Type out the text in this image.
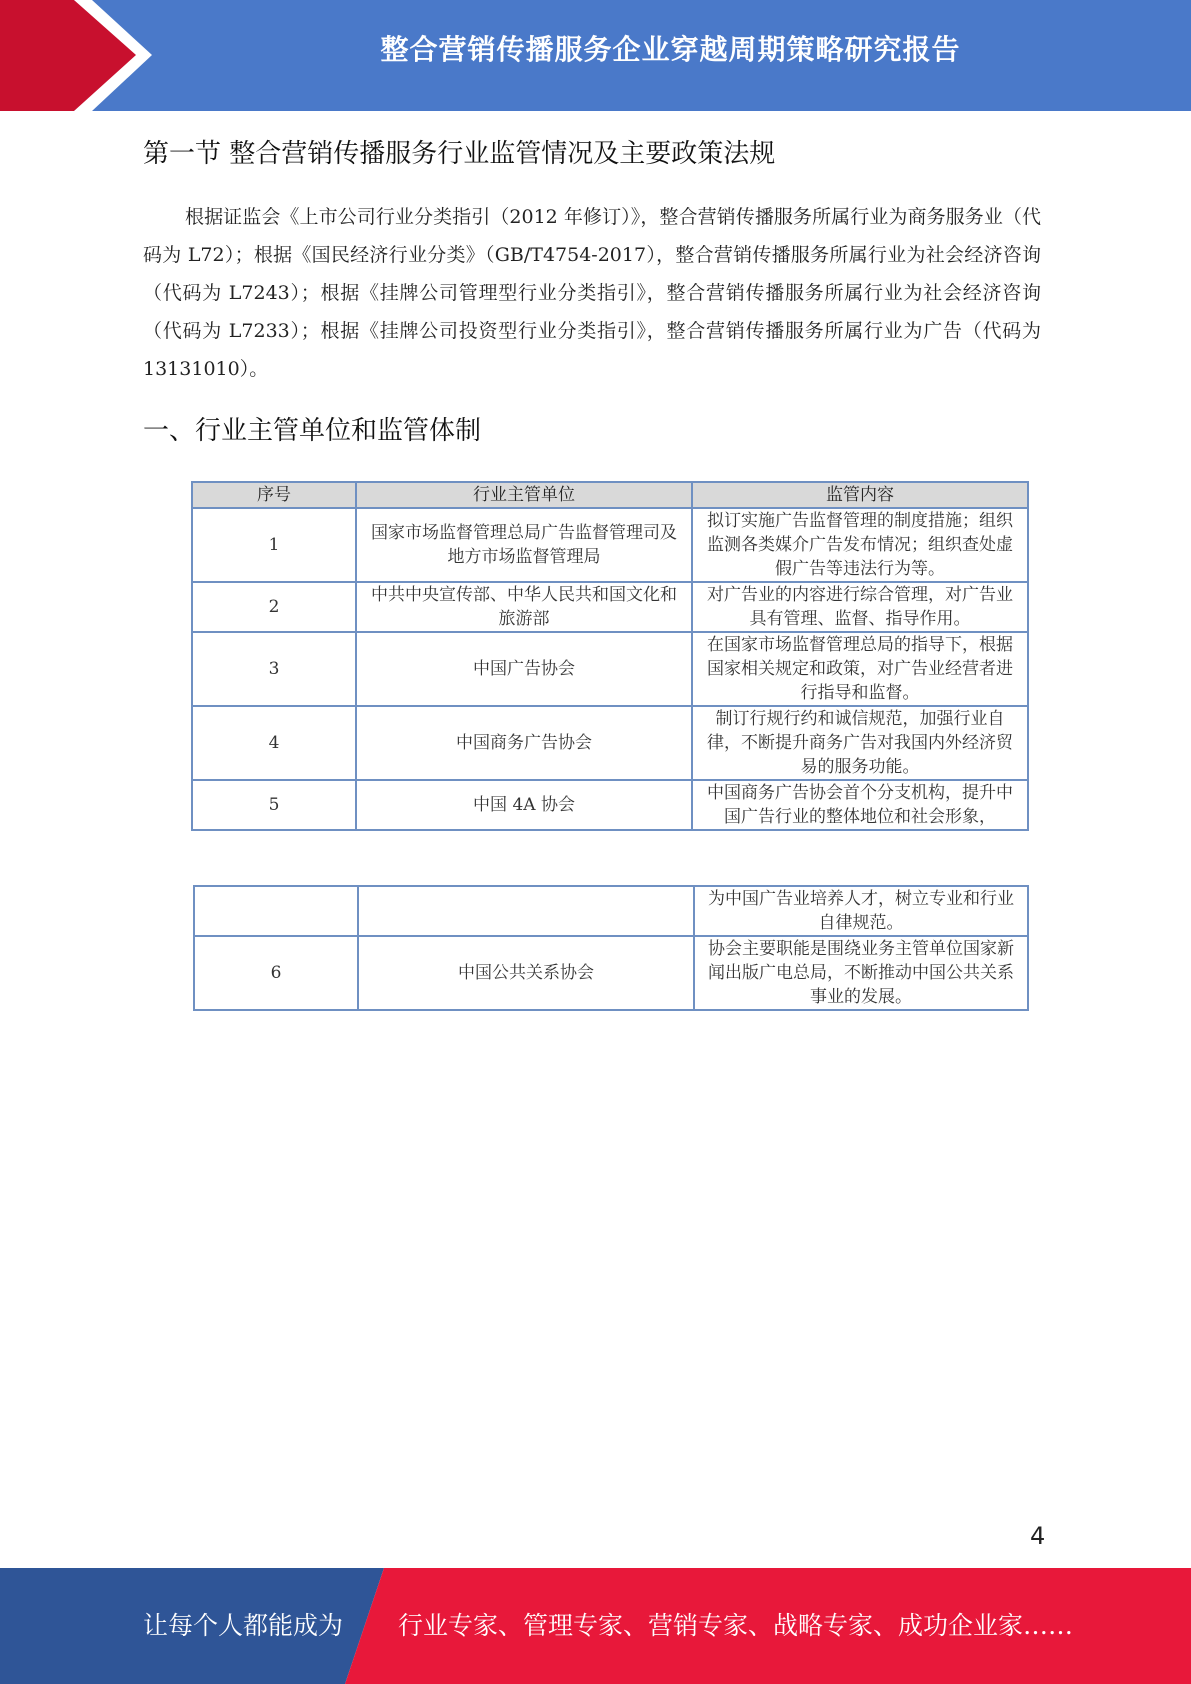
整合营销传播服务企业穿越周期策略研究报告
第一节 整合营销传播服务行业监管情况及主要政策法规
根据证监会《上市公司行业分类指引（2012 年修订）》，整合营销传播服务所属行业为商务服务业（代码为 L72）；根据《国民经济行业分类》（GB/T4754-2017），整合营销传播服务所属行业为社会经济咨询（代码为 L7243）；根据《挂牌公司管理型行业分类指引》，整合营销传播服务所属行业为社会经济咨询（代码为 L7233）；根据《挂牌公司投资型行业分类指引》，整合营销传播服务所属行业为广告（代码为 13131010）。
一、行业主管单位和监管体制
序号	行业主管单位	监管内容
1	国家市场监督管理总局广告监督管理司及地方市场监督管理局	拟订实施广告监督管理的制度措施；组织监测各类媒介广告发布情况；组织查处虚假广告等违法行为等。
2	中共中央宣传部、中华人民共和国文化和旅游部	对广告业的内容进行综合管理，对广告业具有管理、监督、指导作用。
3	中国广告协会	在国家市场监督管理总局的指导下，根据国家相关规定和政策，对广告业经营者进行指导和监督。
4	中国商务广告协会	制订行规行约和诚信规范，加强行业自律，不断提升商务广告对我国内外经济贸易的服务功能。
5	中国 4A 协会	中国商务广告协会首个分支机构，提升中国广告行业的整体地位和社会形象，
		为中国广告业培养人才，树立专业和行业自律规范。
6	中国公共关系协会	协会主要职能是围绕业务主管单位国家新闻出版广电总局，不断推动中国公共关系事业的发展。
4
让每个人都能成为 行业专家、管理专家、营销专家、战略专家、成功企业家……
